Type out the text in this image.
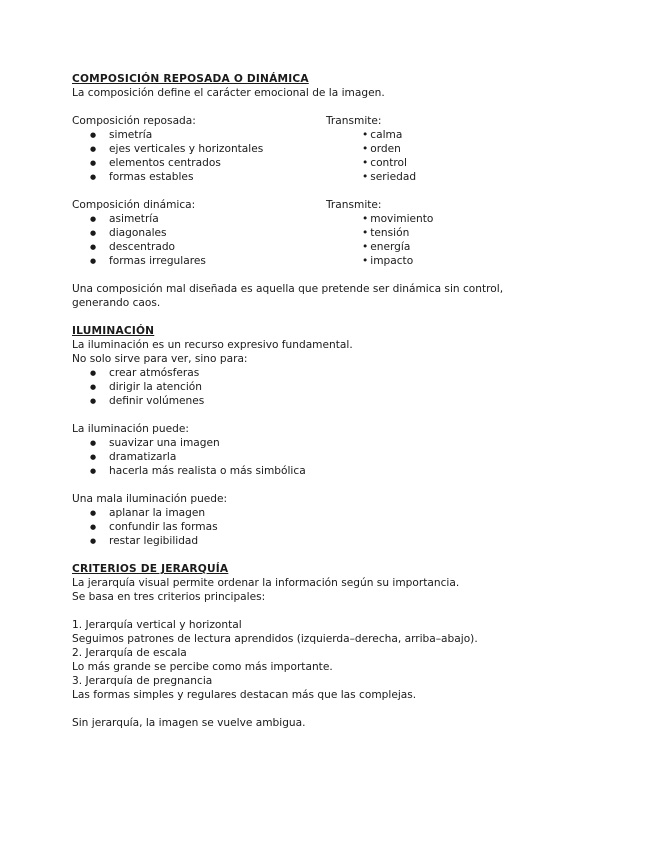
COMPOSICIÓN REPOSADA O DINÁMICA
La composición define el carácter emocional de la imagen.
Composición reposada:
● simetría
● ejes verticales y horizontales
● elementos centrados
● formas estables
Transmite:
• calma
• orden
• control
• seriedad
Composición dinámica:
● asimetría
● diagonales
● descentrado
● formas irregulares
Transmite:
• movimiento
• tensión
• energía
• impacto
Una composición mal diseñada es aquella que pretende ser dinámica sin control,
generando caos.
ILUMINACIÓN
La iluminación es un recurso expresivo fundamental.
No solo sirve para ver, sino para:
● crear atmósferas
● dirigir la atención
● definir volúmenes
La iluminación puede:
● suavizar una imagen
● dramatizarla
● hacerla más realista o más simbólica
Una mala iluminación puede:
● aplanar la imagen
● confundir las formas
● restar legibilidad
CRITERIOS DE JERARQUÍA
La jerarquía visual permite ordenar la información según su importancia.
Se basa en tres criterios principales:
1. Jerarquía vertical y horizontal
Seguimos patrones de lectura aprendidos (izquierda–derecha, arriba–abajo).
2. Jerarquía de escala
Lo más grande se percibe como más importante.
3. Jerarquía de pregnancia
Las formas simples y regulares destacan más que las complejas.
Sin jerarquía, la imagen se vuelve ambigua.
